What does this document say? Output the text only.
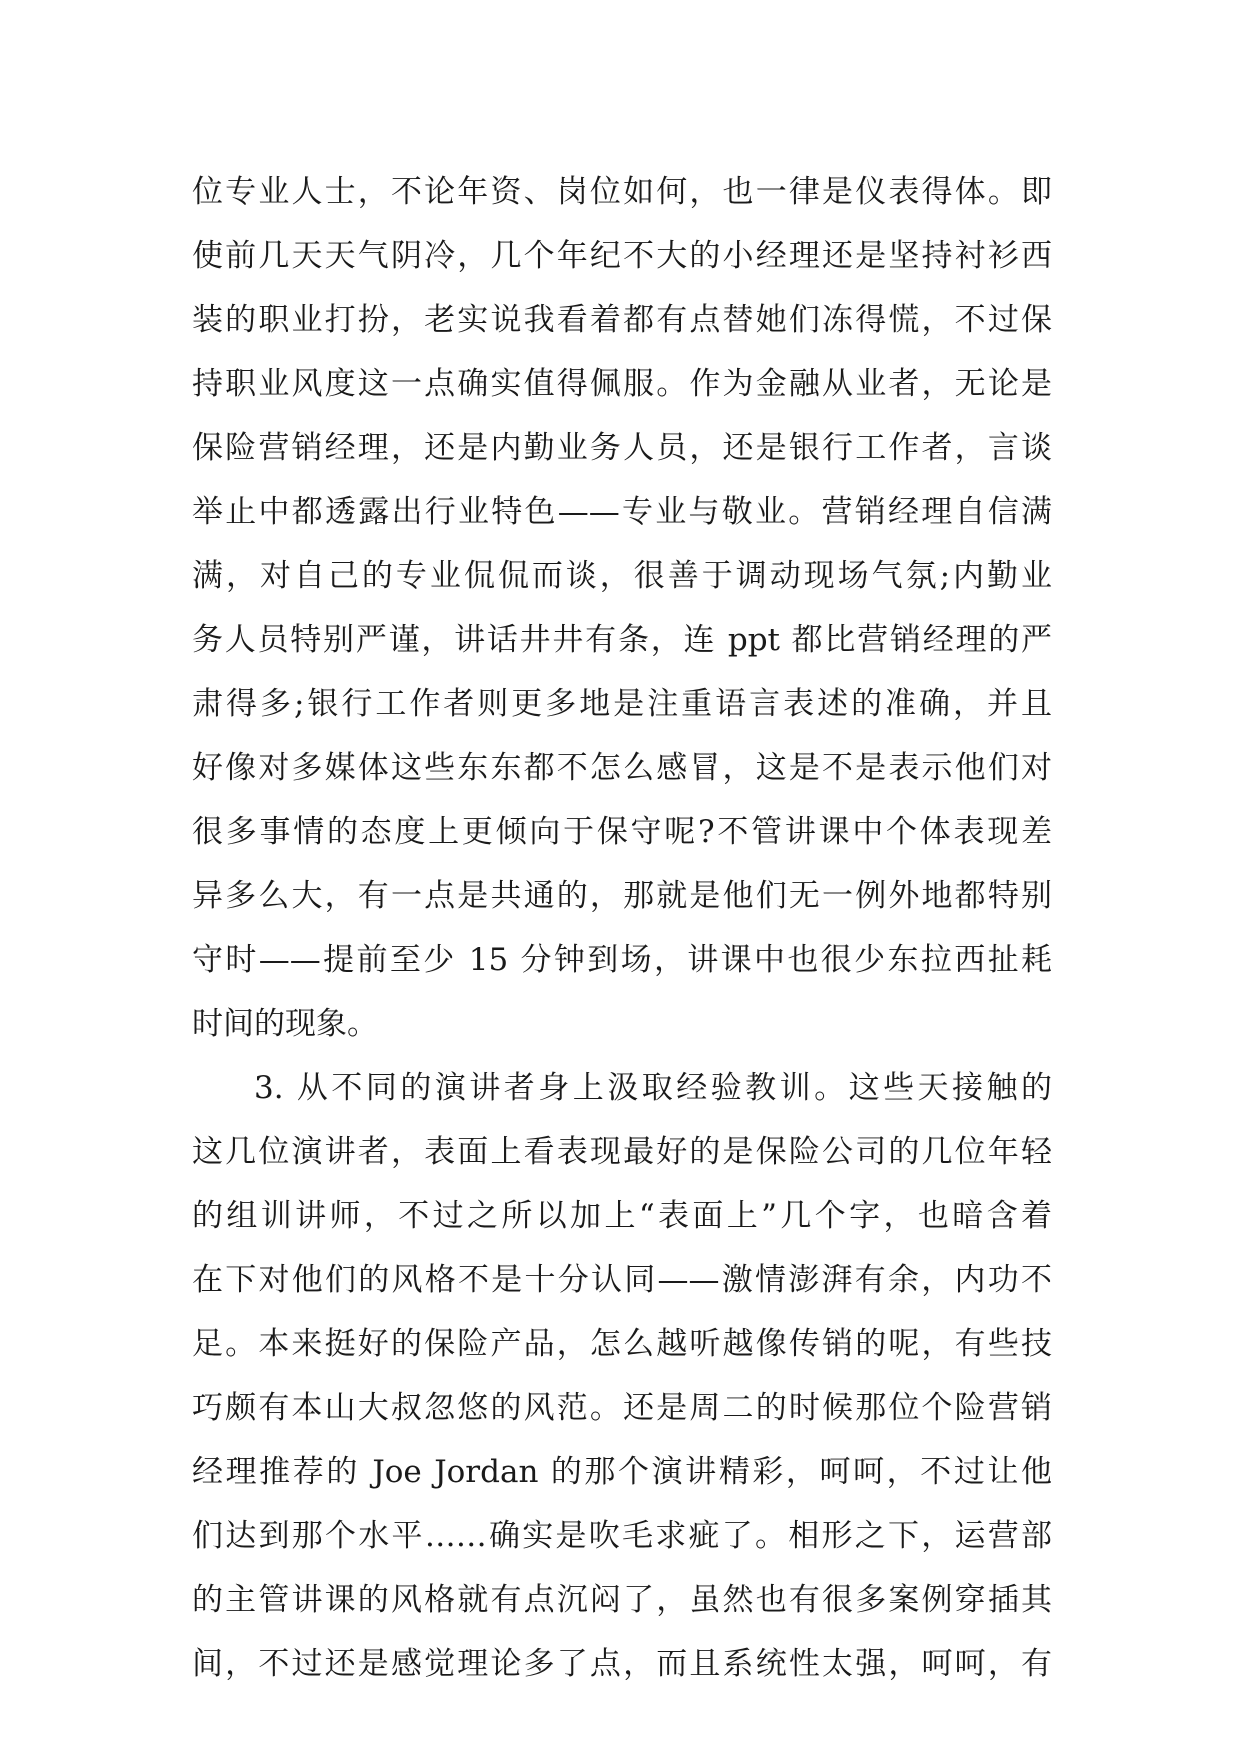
位专业人士，不论年资、岗位如何，也一律是仪表得体。即
使前几天天气阴冷，几个年纪不大的小经理还是坚持衬衫西
装的职业打扮，老实说我看着都有点替她们冻得慌，不过保
持职业风度这一点确实值得佩服。作为金融从业者，无论是
保险营销经理，还是内勤业务人员，还是银行工作者，言谈
举止中都透露出行业特色——专业与敬业。营销经理自信满
满，对自己的专业侃侃而谈，很善于调动现场气氛;内勤业
务人员特别严谨，讲话井井有条，连 ppt 都比营销经理的严
肃得多;银行工作者则更多地是注重语言表述的准确，并且
好像对多媒体这些东东都不怎么感冒，这是不是表示他们对
很多事情的态度上更倾向于保守呢?不管讲课中个体表现差
异多么大，有一点是共通的，那就是他们无一例外地都特别
守时——提前至少 15 分钟到场，讲课中也很少东拉西扯耗
时间的现象。
3. 从不同的演讲者身上汲取经验教训。这些天接触的
这几位演讲者，表面上看表现最好的是保险公司的几位年轻
的组训讲师，不过之所以加上“表面上”几个字，也暗含着
在下对他们的风格不是十分认同——激情澎湃有余，内功不
足。本来挺好的保险产品，怎么越听越像传销的呢，有些技
巧颇有本山大叔忽悠的风范。还是周二的时候那位个险营销
经理推荐的 Joe Jordan 的那个演讲精彩，呵呵，不过让他
们达到那个水平……确实是吹毛求疵了。相形之下，运营部
的主管讲课的风格就有点沉闷了，虽然也有很多案例穿插其
间，不过还是感觉理论多了点，而且系统性太强，呵呵，有
